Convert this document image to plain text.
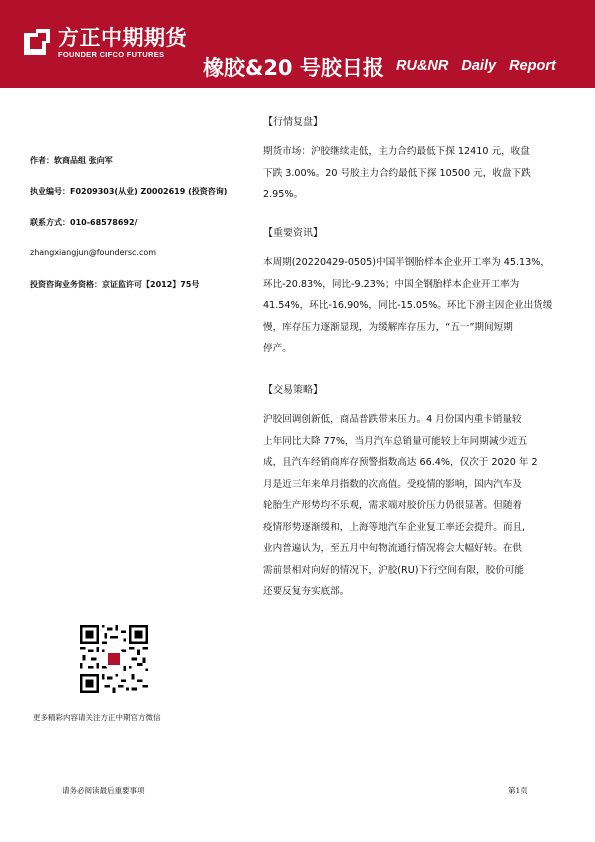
方正中期期货
FOUNDER CIFCO FUTURES
橡胶&20 号胶日报 RU&NR Daily Report
作者：软商品组 张向军
执业编号：F0209303(从业) Z0002619 (投资咨询)
联系方式：010-68578692/
zhangxiangjun@foundersc.com
投资咨询业务资格：京证监许可【2012】75号
更多精彩内容请关注方正中期官方微信
【行情复盘】
期货市场：沪胶继续走低，主力合约最低下探 12410 元，收盘
下跌 3.00%。20 号胶主力合约最低下探 10500 元，收盘下跌
2.95%。
【重要资讯】
本周期(20220429-0505)中国半钢胎样本企业开工率为 45.13%，
环比-20.83%，同比-9.23%；中国全钢胎样本企业开工率为
41.54%，环比-16.90%，同比-15.05%。环比下滑主因企业出货缓
慢，库存压力逐渐显现，为缓解库存压力，“五一”期间短期
停产。
【交易策略】
沪胶回调创新低，商品普跌带来压力。4 月份国内重卡销量较
上年同比大降 77%，当月汽车总销量可能较上年同期减少近五
成，且汽车经销商库存预警指数高达 66.4%，仅次于 2020 年 2
月是近三年来单月指数的次高值。受疫情的影响，国内汽车及
轮胎生产形势均不乐观，需求端对胶价压力仍很显著。但随着
疫情形势逐渐缓和，上海等地汽车企业复工率还会提升。而且,
业内普遍认为，至五月中旬物流通行情况将会大幅好转。在供
需前景相对向好的情况下，沪胶(RU)下行空间有限，胶价可能
还要反复夯实底部。
请务必阅读最后重要事项	第1页
